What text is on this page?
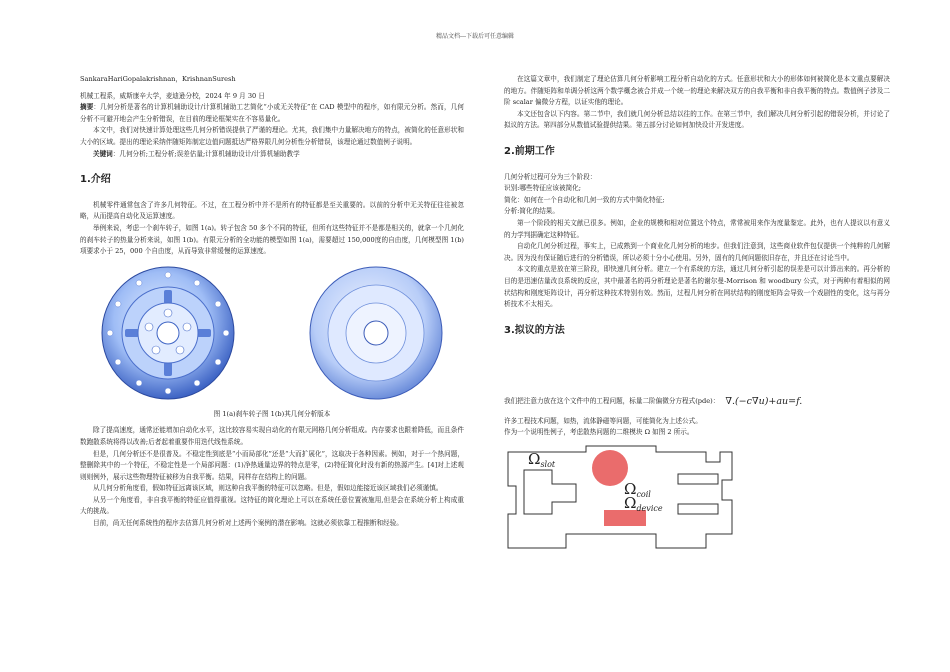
精品文档---下载后可任意编辑
SankaraHariGopalakrishnan，KrishnanSuresh

机械工程系，威斯康辛大学，麦迪逊分校，2024 年 9 月 30 日

摘要：几何分析是著名的计算机辅助设计/计算机辅助工艺简化“小或无关特征”在 CAD 模型中的程序，如有限元分析。然而，几何分析不可避开地会产生分析错误，在目前的理论框架实在不容易量化。

本文中，我们对快速计算处理这些几何分析错误提供了严谨的理论。尤其，我们集中力量解决地方的特点，被简化的任意形状和大小的区域。提出的理论采纳伴随矩阵制定边值问题抵达严格界限几何分析性分析错误，该理论通过数值例子说明。

关键词：几何分析;工程分析;误差估量;计算机辅助设计/计算机辅助教学

1.介绍

机械零件通常包含了许多几何特征。不过，在工程分析中并不是所有的特征都是至关重要的。以前的分析中无关特征往往被忽略，从而提高自动化及运算速度。

举例来说，考虑一个刹车转子，如图 1(a)。转子包含 50 多个不同的特征，但所有这些特征并不是都是相关的，就拿一个几何化的刹车转子的热量分析来说，如图 1(b)。有限元分析的全功能的模型如图 1(a)，需要超过 150,000度的自由度，几何模型图 1(b)项要求小于 25，000 个自由度，从而导致非常缓慢的运算速度。

图 1(a)刹车转子图 1(b)其几何分析版本

除了提高速度，通常还能增加自动化水平，这比较容易实现自动化的有限元网格几何分析组成。内存要求也跟着降低，而且条件数跑散系统将得以改善;后者起着重要作用迭代线性系统。

但是，几何分析还不是很普及。不稳定性到底是“小而局部化”还是“大而扩展化”，这取决于各种因素。例如，对于一个热问题，整删除其中的一个特征，不稳定性是一个局部问题：(1)净热通量边界的特点是零，(2)特征简化时没有新的热源产生。[4]对上述观则则例外，展示这些物理特征被移为自我平衡。结果，同样存在结构上的问题。

从几何分析角度看，假如特征远离该区域，则这种自我平衡的特征可以忽略。但是，假如边能接近该区域我们必须谨慎。

从另一个角度看，非自我平衡的特征应值得重视。这特征的简化理论上可以在系统任意位置被施用,但是会在系统分析上构成重大的挑战。

目前，尚无任何系统性的程序去估算几何分析对上述两个案例的潜在影响。这就必须依靠工程推断和经验。

在这篇文章中，我们制定了理论估算几何分析影响工程分析自动化的方式。任意形状和大小的形体如何被简化是本文重点要解决的地方。伴随矩阵和单调分析这两个数学概念被合并成一个统一的理论来解决双方的自我平衡和非自我平衡的特点。数值例子涉及二阶 scalar 偏微分方程，以证实他的理论。

本文还包含以下内容。第二节中，我们就几何分析总结以往的工作。在第三节中，我们解决几何分析引起的错误分析，并讨论了拟议的方法。第四部分从数值试验提供结果。第五部分讨论如何加快设计开发进度。

2.前期工作

几何分析过程可分为三个阶段：

识别:哪些特征应该被简化;

简化：如何在一个自动化和几何一致的方式中简化特征;

分析:简化的结果。

第一个阶段的相关文献已很多。例如，企业的规模和相对位置这个特点，常常被用来作为度量鉴定。此外，也有人提议以有意义的力学判据确定这种特征。

自动化几何分析过程，事实上，已成熟到一个商业化几何分析的地步。但我们注意到，这些商业软件包仅提供一个纯粹的几何解决。因为没有保证随后进行的分析错误，所以必须十分小心使用。另外，固有的几何问题依旧存在，并且还在讨论当中。

本文的重点是放在第三阶段，即快速几何分析。建立一个有系统的方法，通过几何分析引起的误差是可以计算出来的。再分析的目的是迅速估量改良系统的反应，其中最著名的再分析理论是著名的谢尔曼-Morrison 和 woodbury 公式，对于两种有着相似的网状结构和刚度矩阵设计，再分析这种技术特别有效。然而，过程几何分析在网状结构的刚度矩阵会导致一个戏剧性的变化，这与再分析技术不太相关。

3.拟议的方法
我们把注意力放在这个文件中的工程问题，标量二阶偏微分方程式(pde)： ∇.(−c∇u)+au=f.

许多工程技术问题，如热，流体静磁等问题，可能简化为上述公式。

作为一个说明性例子，考虑散热问题的二维模块 Ω 如图 2 所示。

$\Omega_{slot}$
$\Omega_{coil}$
$\Omega_{device}$
